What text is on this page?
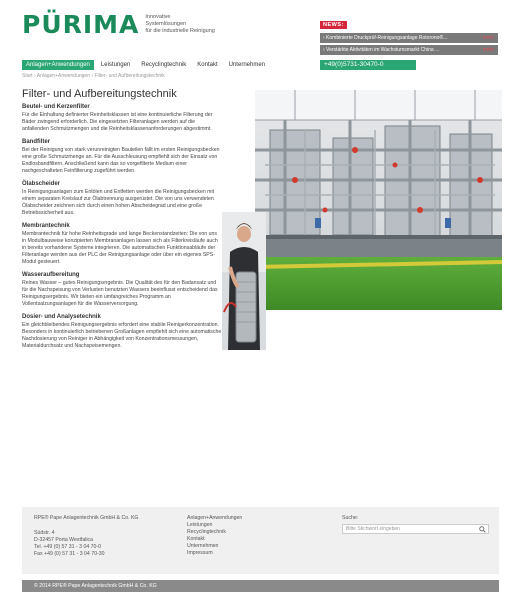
PÜRIMA Innovative
Systemlösungen
für die industrielle Reinigung
NEWS:
› Kombinierte Druckprüf-Reinigungsanlage Rotorono®...	mehr
› Verstärkte Aktivitäten im Wachstumsmarkt China ...	mehr
Anlagen+Anwendungen	Leistungen	Recyclingtechnik	Kontakt	Unternehmen	+49(0)5731-30470-0
Start › Anlagen+Anwendungen › Filter- und Aufbereitungstechnik
Filter- und Aufbereitungstechnik
Beutel- und Kerzenfilter

Für die Einhaltung definierter Reinheitsklassen ist eine kontinuierliche Filterung der Bäder zwingend erforderlich. Die eingesetzten Filteranlagen werden auf die anfallenden Schmutzmengen und die Reinheitsklassenanforderungen abgestimmt.

Bandfilter

Bei der Reinigung von stark verunreinigten Bauteilen fällt im ersten Reinigungsbecken eine große Schmutzmenge an. Für die Ausschleusung empfiehlt sich der Einsatz von Endlosbandfiltern. Anschließend kann das so vorgefilterte Medium einer nachgeschalteten Feinfilterung zugeführt werden.

Ölabscheider

In Reinigungsanlagen zum Entölen und Entfetten werden die Reinigungsbecken mit einem separaten Kreislauf zur Ölabtrennung ausgerüstet. Die von uns verwendeten Ölabscheider zeichnen sich durch einen hohen Abscheidegrad und eine große Betriebssicherheit aus.

Membrantechnik

Membrantechnik für hohe Reinheitsgrade und lange Beckenstandzeiten: Die von uns in Modulbauweise konzipierten Membrananlagen lassen sich als Filterkreisläufe auch in bereits vorhandene Systeme integrieren. Die automatischen Funktionsabläufe der Filteranlage werden aus der PLC der Reinigungsanlage oder über ein eigenes SPS-Modul gesteuert.

Wasseraufbereitung

Reines Wasser – gutes Reinigungsergebnis. Die Qualität des für den Badansatz und für die Nachspeisung von Verlusten benutzten Wassers beeinflusst entscheidend das Reinigungsergebnis. Wir bieten ein umfangreiches Programm an Vollentsalzungsanlagen für die Wasserversorgung.

Dosier- und Analysetechnik

Ein gleichbleibendes Reinigungsergebnis erfordert eine stabile Reinigerkonzentration. Besonders in kontinuierlich betriebenen Großanlagen empfiehlt sich eine automatische Nachdosierung von Reiniger in Abhängigkeit von Konzentrationsmessungen, Materialdurchsatz und Nachspeisemengen.

RPE® Pape Anlagentechnik GmbH & Co. KG
Südstr. 4
D-32457 Porta Westfalica
Tel. +49 (0) 57 31 - 3 04 70-0
Fax +49 (0) 57 31 - 3 04 70-30
Anlagen+Anwendungen
Leistungen
Recyclingtechnik
Kontakt
Unternehmen
Impressum
Suche:
Bitte Stichwort eingeben
© 2014 RPE® Pape Anlagentechnik GmbH & Co. KG
